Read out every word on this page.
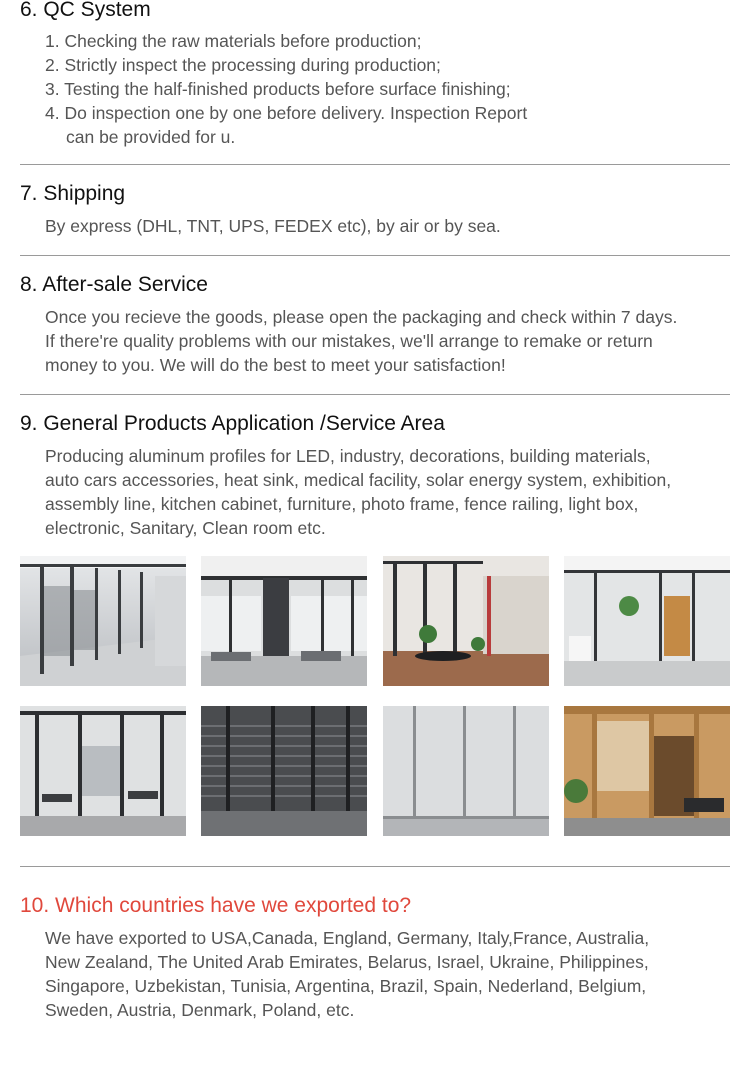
6. QC System
1. Checking the raw materials before production;
2. Strictly inspect the processing during production;
3. Testing the half-finished products before surface finishing;
4. Do inspection one by one before delivery. Inspection Report
can be provided for u.
7. Shipping
By express (DHL, TNT, UPS, FEDEX etc), by air or by sea.
8. After-sale Service
Once you recieve the goods, please open the packaging and check within 7 days.
If there're quality problems with our mistakes, we'll arrange to remake or return
money to you. We will do the best to meet your satisfaction!
9. General Products Application /Service Area
Producing aluminum profiles for LED, industry, decorations, building materials,
auto cars accessories, heat sink, medical facility, solar energy system, exhibition,
assembly line, kitchen cabinet, furniture, photo frame, fence railing, light box,
electronic, Sanitary, Clean room etc.
10. Which countries have we exported to?
We have exported to USA,Canada, England, Germany, Italy,France, Australia,
New Zealand, The United Arab Emirates, Belarus, Israel, Ukraine, Philippines,
Singapore, Uzbekistan, Tunisia, Argentina, Brazil, Spain, Nederland, Belgium,
Sweden, Austria, Denmark, Poland, etc.
